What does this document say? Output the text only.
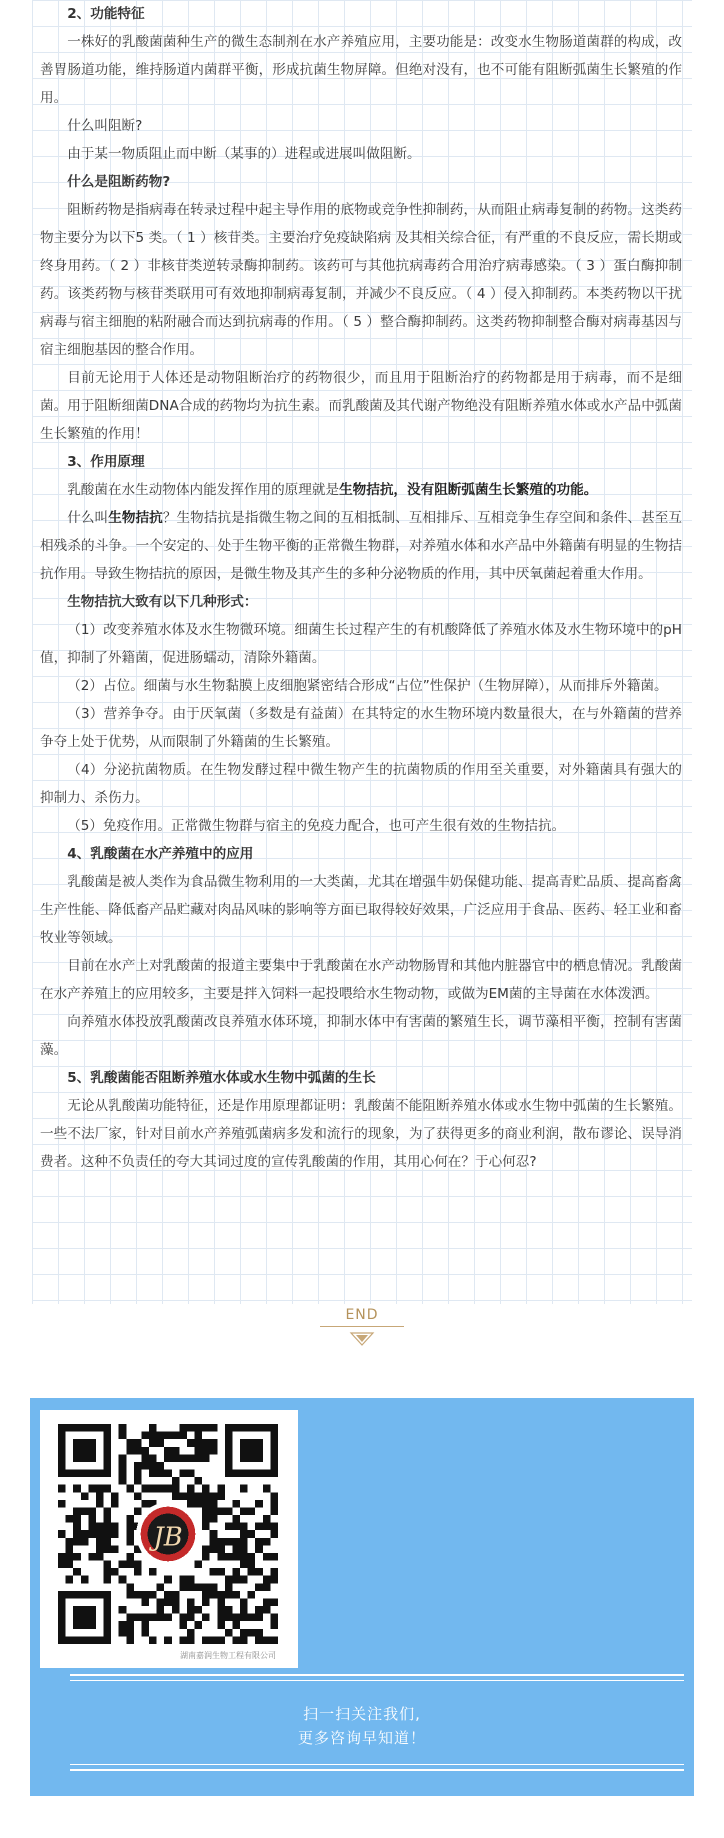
2、功能特征

一株好的乳酸菌菌种生产的微生态制剂在水产养殖应用，主要功能是：改变水生物肠道菌群的构成，改善胃肠道功能，维持肠道内菌群平衡，形成抗菌生物屏障。但绝对没有，也不可能有阻断弧菌生长繁殖的作用。

什么叫阻断?

由于某一物质阻止而中断（某事的）进程或进展叫做阻断。

什么是阻断药物?

阻断药物是指病毒在转录过程中起主导作用的底物或竞争性抑制药，从而阻止病毒复制的药物。这类药物主要分为以下5 类。（ 1 ）核苷类。主要治疗免疫缺陷病 及其相关综合征，有严重的不良反应，需长期或终身用药。（ 2 ）非核苷类逆转录酶抑制药。该药可与其他抗病毒药合用治疗病毒感染。（ 3 ）蛋白酶抑制药。该类药物与核苷类联用可有效地抑制病毒复制，并减少不良反应。（ 4 ）侵入抑制药。本类药物以干扰病毒与宿主细胞的粘附融合而达到抗病毒的作用。（ 5 ）整合酶抑制药。这类药物抑制整合酶对病毒基因与宿主细胞基因的整合作用。

目前无论用于人体还是动物阻断治疗的药物很少，而且用于阻断治疗的药物都是用于病毒，而不是细菌。用于阻断细菌DNA合成的药物均为抗生素。而乳酸菌及其代谢产物绝没有阻断养殖水体或水产品中弧菌生长繁殖的作用！

3、作用原理

乳酸菌在水生动物体内能发挥作用的原理就是生物拮抗，没有阻断弧菌生长繁殖的功能。

什么叫生物拮抗？生物拮抗是指微生物之间的互相抵制、互相排斥、互相竞争生存空间和条件、甚至互相残杀的斗争。一个安定的、处于生物平衡的正常微生物群，对养殖水体和水产品中外籍菌有明显的生物拮抗作用。导致生物拮抗的原因，是微生物及其产生的多种分泌物质的作用，其中厌氧菌起着重大作用。

生物拮抗大致有以下几种形式：

（1）改变养殖水体及水生物微环境。细菌生长过程产生的有机酸降低了养殖水体及水生物环境中的pH值，抑制了外籍菌，促进肠蠕动，清除外籍菌。

（2）占位。细菌与水生物黏膜上皮细胞紧密结合形成“占位”性保护（生物屏障），从而排斥外籍菌。

（3）营养争夺。由于厌氧菌（多数是有益菌）在其特定的水生物环境内数量很大，在与外籍菌的营养争夺上处于优势，从而限制了外籍菌的生长繁殖。

（4）分泌抗菌物质。在生物发酵过程中微生物产生的抗菌物质的作用至关重要，对外籍菌具有强大的抑制力、杀伤力。

（5）免疫作用。正常微生物群与宿主的免疫力配合，也可产生很有效的生物拮抗。

4、乳酸菌在水产养殖中的应用

乳酸菌是被人类作为食品微生物利用的一大类菌，尤其在增强牛奶保健功能、提高青贮品质、提高畜禽生产性能、降低畜产品贮藏对肉品风味的影响等方面已取得较好效果，广泛应用于食品、医药、轻工业和畜牧业等领域。

目前在水产上对乳酸菌的报道主要集中于乳酸菌在水产动物肠胃和其他内脏器官中的栖息情况。乳酸菌在水产养殖上的应用较多，主要是拌入饲料一起投喂给水生物动物，或做为EM菌的主导菌在水体泼洒。

向养殖水体投放乳酸菌改良养殖水体环境，抑制水体中有害菌的繁殖生长，调节藻相平衡，控制有害菌藻。

5、乳酸菌能否阻断养殖水体或水生物中弧菌的生长

无论从乳酸菌功能特征，还是作用原理都证明：乳酸菌不能阻断养殖水体或水生物中弧菌的生长繁殖。一些不法厂家，针对目前水产养殖弧菌病多发和流行的现象，为了获得更多的商业利润，散布谬论、误导消费者。这种不负责任的夸大其词过度的宣传乳酸菌的作用，其用心何在？于心何忍?

END
JB
湖南嘉润生物工程有限公司
扫一扫关注我们,
更多咨询早知道！
